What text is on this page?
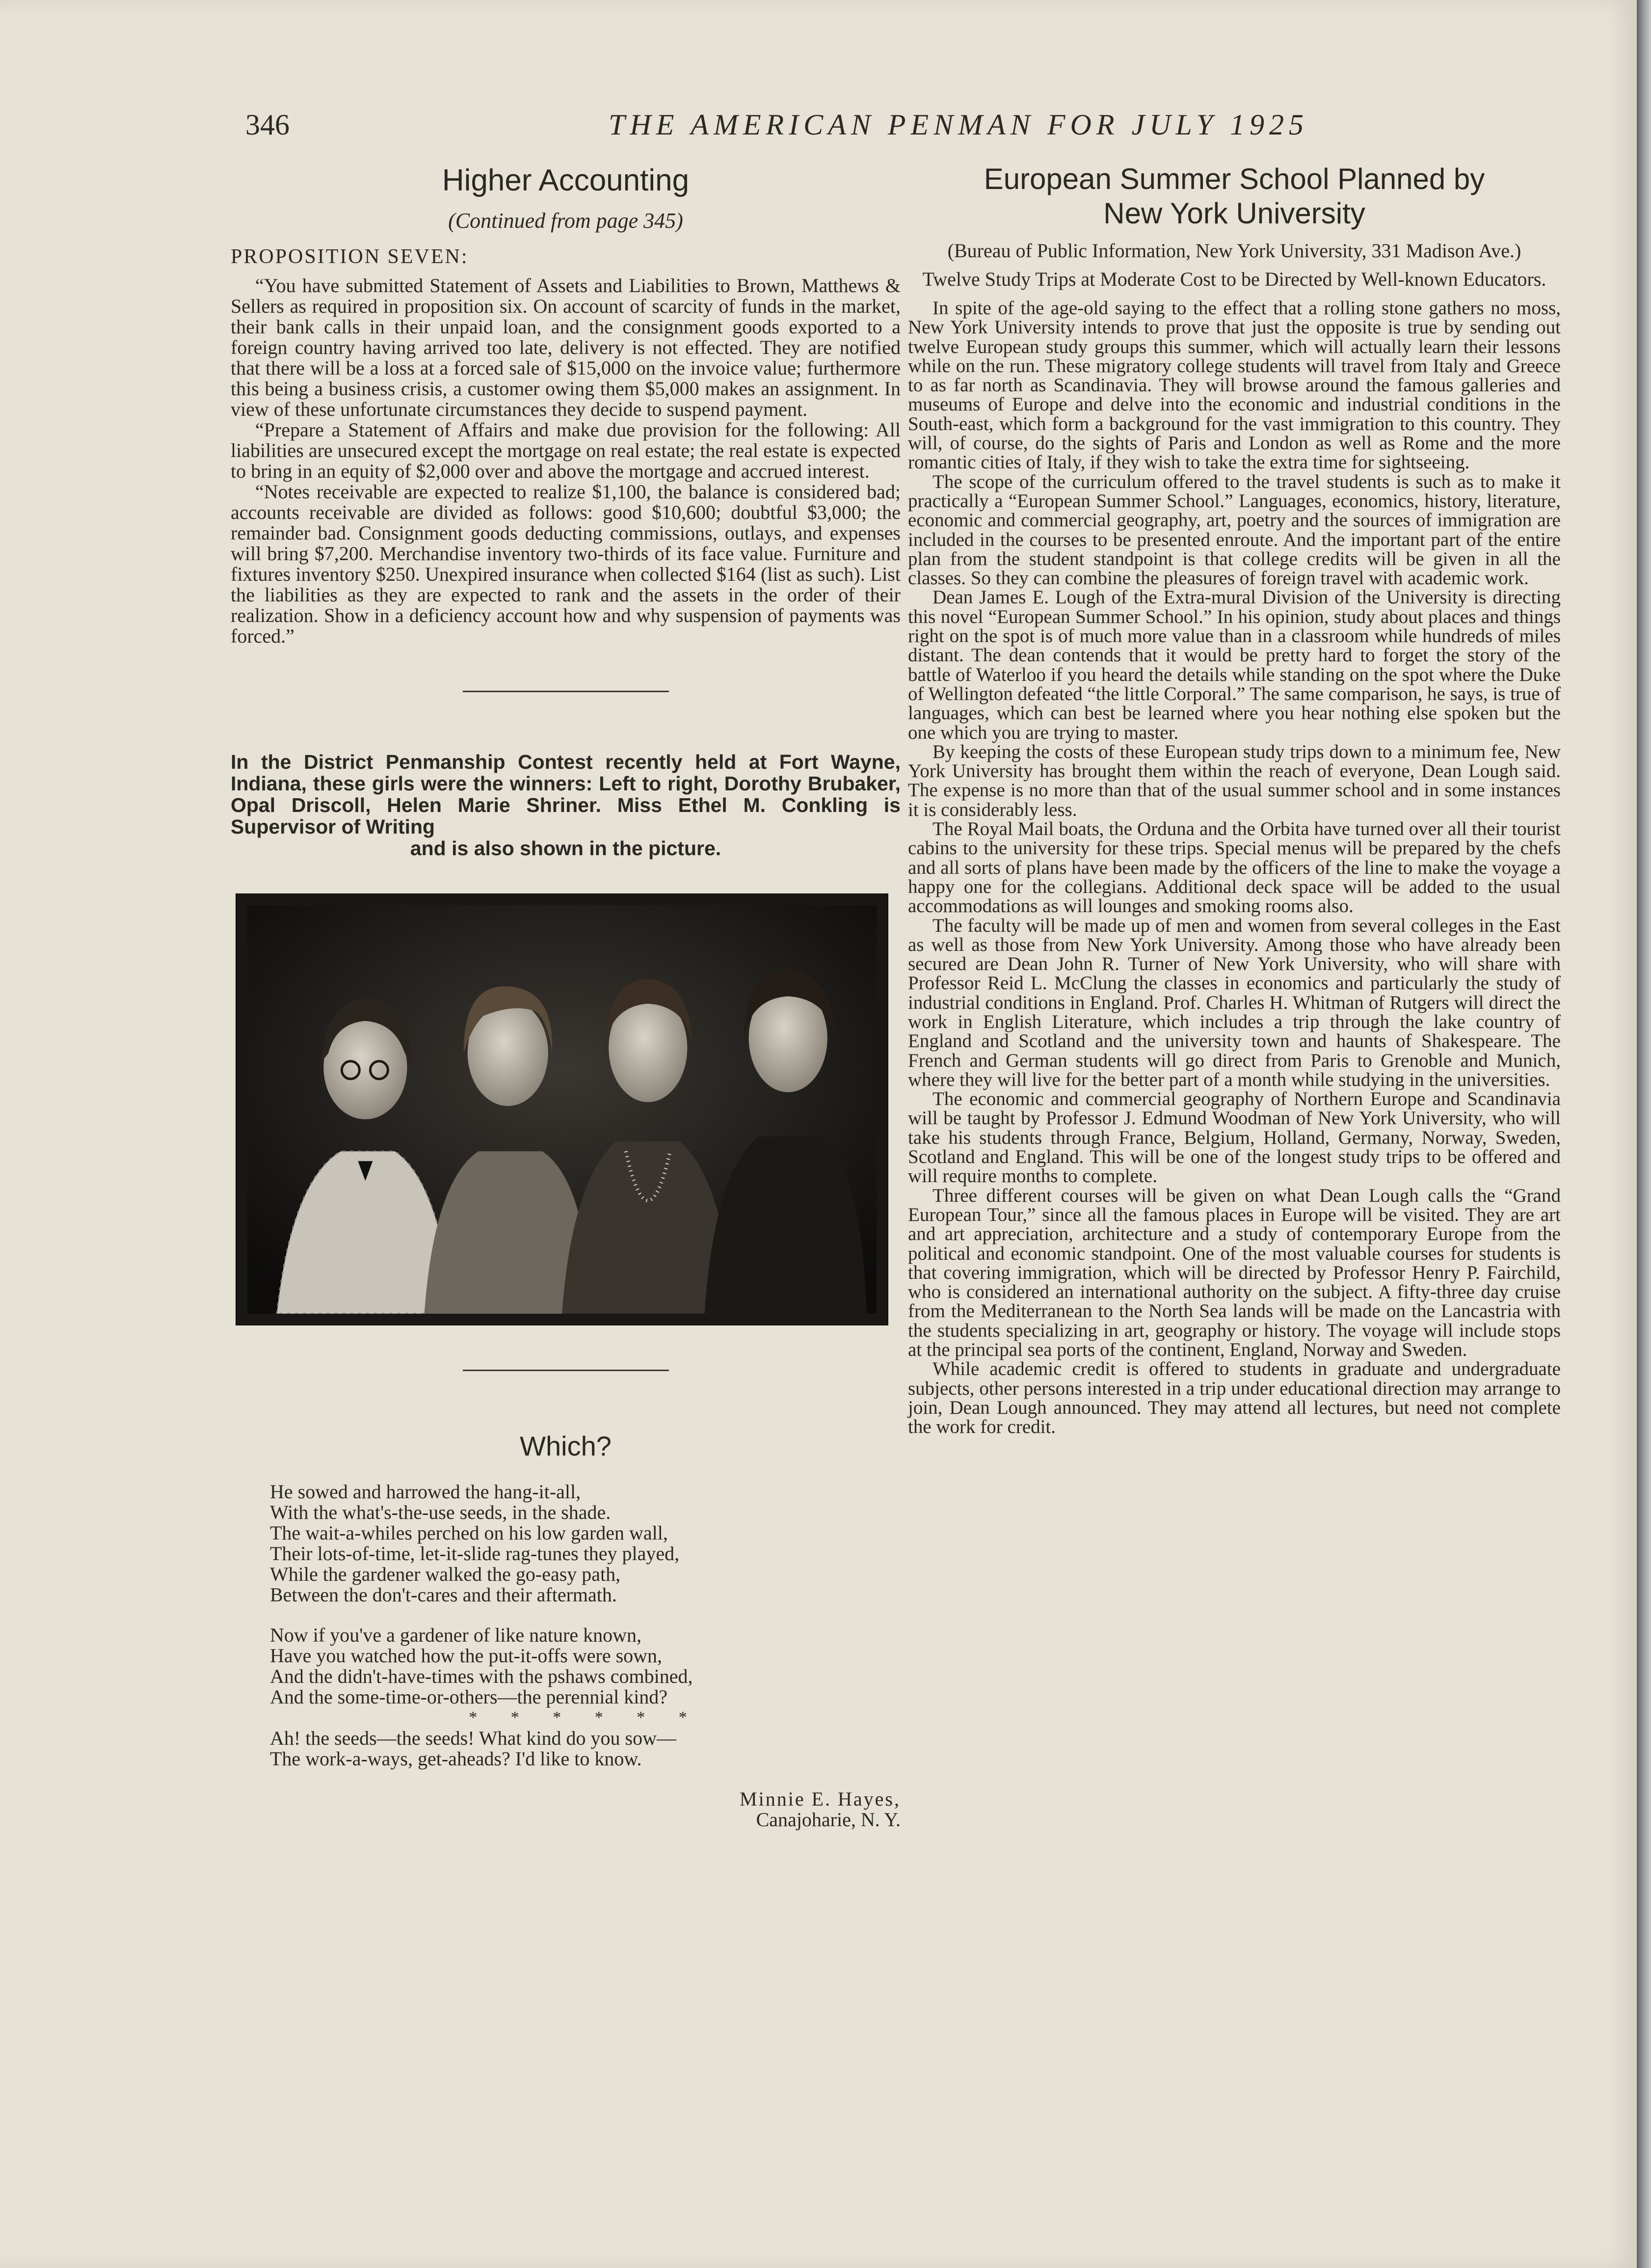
346	THE AMERICAN PENMAN FOR JULY 1925
Higher Accounting
(Continued from page 345)
PROPOSITION SEVEN:

“You have submitted Statement of Assets and Liabilities to Brown, Matthews & Sellers as required in proposition six. On account of scarcity of funds in the market, their bank calls in their unpaid loan, and the consignment goods exported to a foreign country having arrived too late, delivery is not effected. They are notified that there will be a loss at a forced sale of $15,000 on the invoice value; furthermore this being a business crisis, a customer owing them $5,000 makes an assignment. In view of these unfortunate circumstances they decide to suspend payment.

“Prepare a Statement of Affairs and make due provision for the following: All liabilities are unsecured except the mortgage on real estate; the real estate is expected to bring in an equity of $2,000 over and above the mortgage and accrued interest.

“Notes receivable are expected to realize $1,100, the balance is considered bad; accounts receivable are divided as follows: good $10,600; doubtful $3,000; the remainder bad. Consignment goods deducting commissions, outlays, and expenses will bring $7,200. Merchandise inventory two-thirds of its face value. Furniture and fixtures inventory $250. Unexpired insurance when collected $164 (list as such). List the liabilities as they are expected to rank and the assets in the order of their realization. Show in a deficiency account how and why suspension of payments was forced.”

In the District Penmanship Contest recently held at Fort Wayne, Indiana, these girls were the winners: Left to right, Dorothy Brubaker, Opal Driscoll, Helen Marie Shriner. Miss Ethel M. Conkling is Supervisor of Writing
and is also shown in the picture.
Which?
He sowed and harrowed the hang-it-all,
With the what's-the-use seeds, in the shade.
The wait-a-whiles perched on his low garden wall,
Their lots-of-time, let-it-slide rag-tunes they played,
While the gardener walked the go-easy path,
Between the don't-cares and their aftermath.
Now if you've a gardener of like nature known,
Have you watched how the put-it-offs were sown,
And the didn't-have-times with the pshaws combined,
And the some-time-or-others—the perennial kind?
* * * * * *
Ah! the seeds—the seeds! What kind do you sow—
The work-a-ways, get-aheads? I'd like to know.
Minnie E. Hayes,
Canajoharie, N. Y.
European Summer School Planned by
New York University
(Bureau of Public Information, New York University, 331 Madison Ave.)
Twelve Study Trips at Moderate Cost to be Directed by Well-known Educators.

In spite of the age-old saying to the effect that a rolling stone gathers no moss, New York University intends to prove that just the opposite is true by sending out twelve European study groups this summer, which will actually learn their lessons while on the run. These migratory college students will travel from Italy and Greece to as far north as Scandinavia. They will browse around the famous galleries and museums of Europe and delve into the economic and industrial conditions in the South-east, which form a background for the vast immigration to this country. They will, of course, do the sights of Paris and London as well as Rome and the more romantic cities of Italy, if they wish to take the extra time for sightseeing.

The scope of the curriculum offered to the travel students is such as to make it practically a “European Summer School.” Languages, economics, history, literature, economic and commercial geography, art, poetry and the sources of immigration are included in the courses to be presented enroute. And the important part of the entire plan from the student standpoint is that college credits will be given in all the classes. So they can combine the pleasures of foreign travel with academic work.

Dean James E. Lough of the Extra-mural Division of the University is directing this novel “European Summer School.” In his opinion, study about places and things right on the spot is of much more value than in a classroom while hundreds of miles distant. The dean contends that it would be pretty hard to forget the story of the battle of Waterloo if you heard the details while standing on the spot where the Duke of Wellington defeated “the little Corporal.” The same comparison, he says, is true of languages, which can best be learned where you hear nothing else spoken but the one which you are trying to master.

By keeping the costs of these European study trips down to a minimum fee, New York University has brought them within the reach of everyone, Dean Lough said. The expense is no more than that of the usual summer school and in some instances it is considerably less.

The Royal Mail boats, the Orduna and the Orbita have turned over all their tourist cabins to the university for these trips. Special menus will be prepared by the chefs and all sorts of plans have been made by the officers of the line to make the voyage a happy one for the collegians. Additional deck space will be added to the usual accommodations as will lounges and smoking rooms also.

The faculty will be made up of men and women from several colleges in the East as well as those from New York University. Among those who have already been secured are Dean John R. Turner of New York University, who will share with Professor Reid L. McClung the classes in economics and particularly the study of industrial conditions in England. Prof. Charles H. Whitman of Rutgers will direct the work in English Literature, which includes a trip through the lake country of England and Scotland and the university town and haunts of Shakespeare. The French and German students will go direct from Paris to Grenoble and Munich, where they will live for the better part of a month while studying in the universities.

The economic and commercial geography of Northern Europe and Scandinavia will be taught by Professor J. Edmund Woodman of New York University, who will take his students through France, Belgium, Holland, Germany, Norway, Sweden, Scotland and England. This will be one of the longest study trips to be offered and will require months to complete.

Three different courses will be given on what Dean Lough calls the “Grand European Tour,” since all the famous places in Europe will be visited. They are art and art appreciation, architecture and a study of contemporary Europe from the political and economic standpoint. One of the most valuable courses for students is that covering immigration, which will be directed by Professor Henry P. Fairchild, who is considered an international authority on the subject. A fifty-three day cruise from the Mediterranean to the North Sea lands will be made on the Lancastria with the students specializing in art, geography or history. The voyage will include stops at the principal sea ports of the continent, England, Norway and Sweden.

While academic credit is offered to students in graduate and undergraduate subjects, other persons interested in a trip under educational direction may arrange to join, Dean Lough announced. They may attend all lectures, but need not complete the work for credit.
